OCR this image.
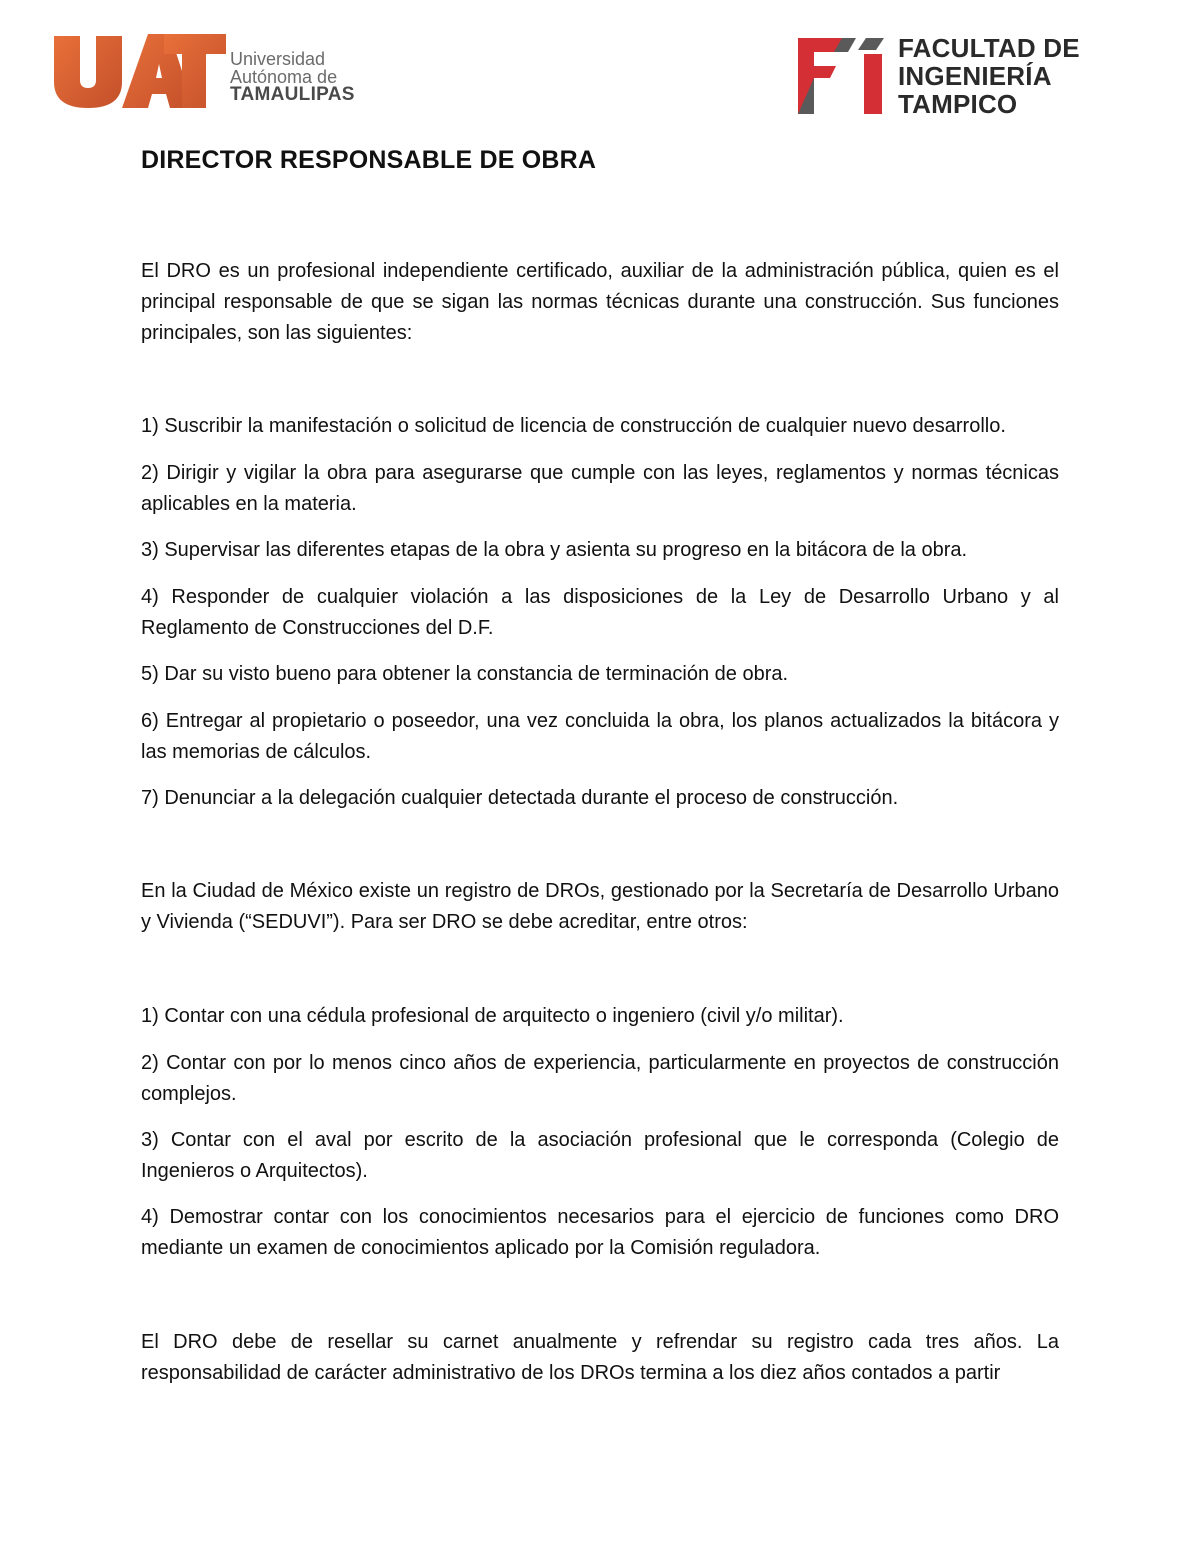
Universidad
Autónoma de
TAMAULIPAS
FACULTAD DE
INGENIERÍA
TAMPICO
DIRECTOR RESPONSABLE DE OBRA
El DRO es un profesional independiente certificado, auxiliar de la administración pública, quien es el principal responsable de que se sigan las normas técnicas durante una construcción. Sus funciones principales, son las siguientes:
1) Suscribir la manifestación o solicitud de licencia de construcción de cualquier nuevo desarrollo.
2) Dirigir y vigilar la obra para asegurarse que cumple con las leyes, reglamentos y normas técnicas aplicables en la materia.
3) Supervisar las diferentes etapas de la obra y asienta su progreso en la bitácora de la obra.
4) Responder de cualquier violación a las disposiciones de la Ley de Desarrollo Urbano y al Reglamento de Construcciones del D.F.
5) Dar su visto bueno para obtener la constancia de terminación de obra.
6) Entregar al propietario o poseedor, una vez concluida la obra, los planos actualizados la bitácora y las memorias de cálculos.
7) Denunciar a la delegación cualquier detectada durante el proceso de construcción.
En la Ciudad de México existe un registro de DROs, gestionado por la Secretaría de Desarrollo Urbano y Vivienda (“SEDUVI”). Para ser DRO se debe acreditar, entre otros:
1) Contar con una cédula profesional de arquitecto o ingeniero (civil y/o militar).
2) Contar con por lo menos cinco años de experiencia, particularmente en proyectos de construcción complejos.
3) Contar con el aval por escrito de la asociación profesional que le corresponda (Colegio de Ingenieros o Arquitectos).
4) Demostrar contar con los conocimientos necesarios para el ejercicio de funciones como DRO mediante un examen de conocimientos aplicado por la Comisión reguladora.
El DRO debe de resellar su carnet anualmente y refrendar su registro cada tres años. La responsabilidad de carácter administrativo de los DROs termina a los diez años contados a partir
